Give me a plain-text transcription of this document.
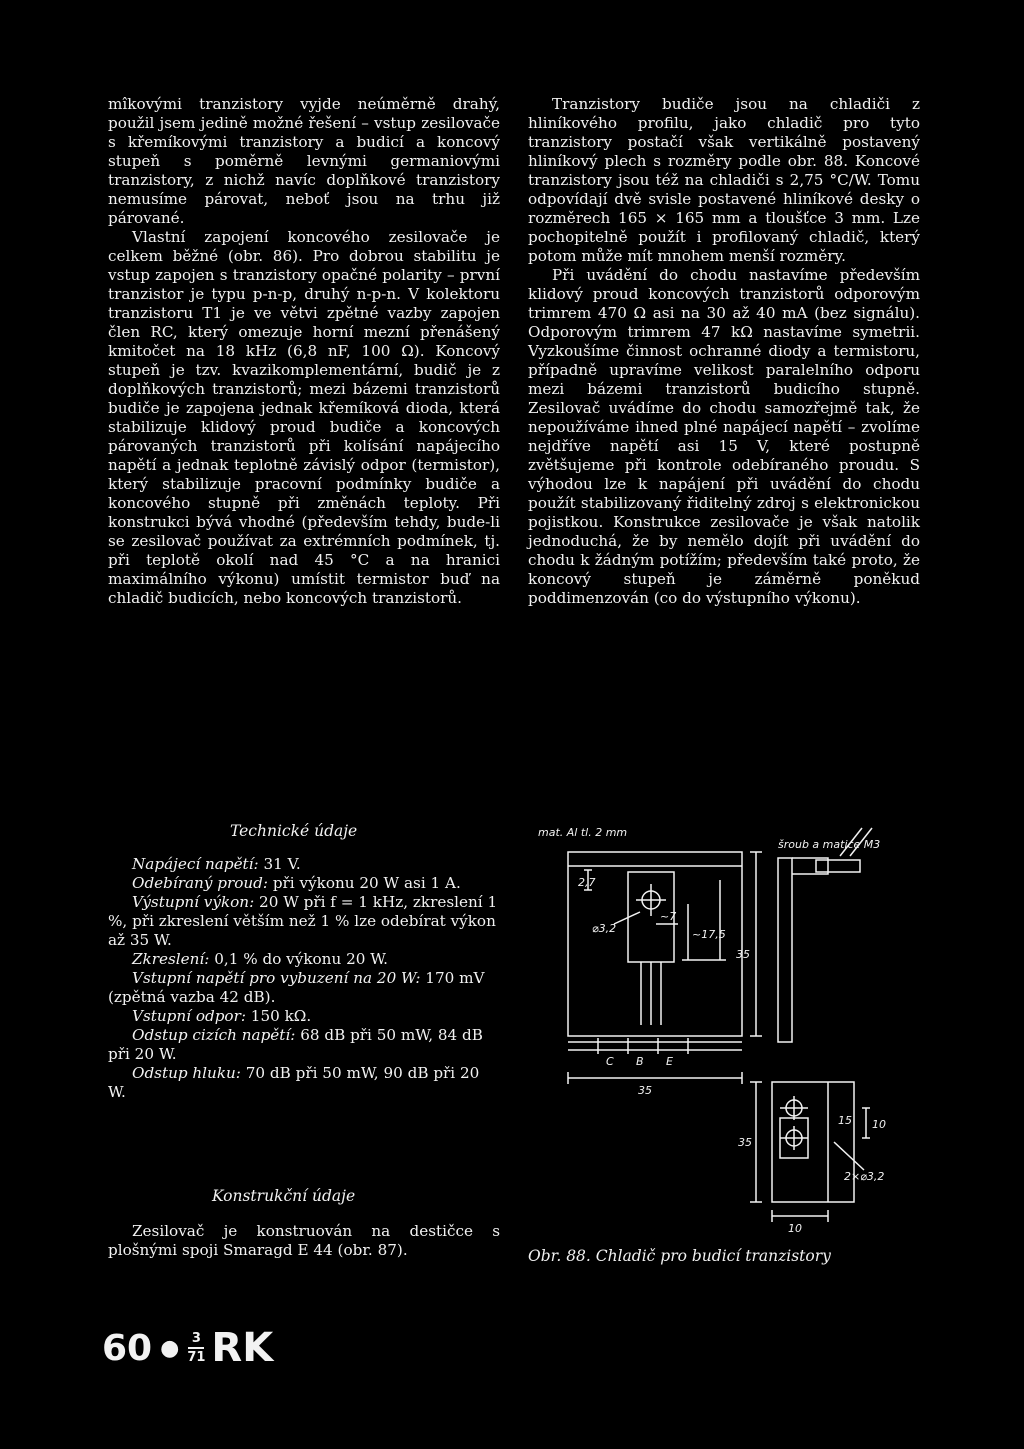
mîkovými tranzistory vyjde neúměrně drahý, použil jsem jedině možné řešení – vstup zesilovače s křemíkovými tranzistory a budicí a koncový stupeň s poměrně levnými germaniovými tranzistory, z nichž navíc doplňkové tranzistory nemusíme párovat, neboť jsou na trhu již párované.

Vlastní zapojení koncového zesilovače je celkem běžné (obr. 86). Pro dobrou stabilitu je vstup zapojen s tranzistory opačné polarity – první tranzistor je typu p-n-p, druhý n-p-n. V kolektoru tranzistoru T1 je ve větvi zpětné vazby zapojen člen RC, který omezuje horní mezní přenášený kmitočet na 18 kHz (6,8 nF, 100 Ω). Koncový stupeň je tzv. kvazikomplementární, budič je z doplňkových tranzistorů; mezi bázemi tranzistorů budiče je zapojena jednak křemíková dioda, která stabilizuje klidový proud budiče a koncových párovaných tranzistorů při kolísání napájecího napětí a jednak teplotně závislý odpor (termistor), který stabilizuje pracovní podmínky budiče a koncového stupně při změnách teploty. Při konstrukci bývá vhodné (především tehdy, bude-li se zesilovač používat za extrémních podmínek, tj. při teplotě okolí nad 45 °C a na hranici maximálního výkonu) umístit termistor buď na chladič budicích, nebo koncových tranzistorů.

Tranzistory budiče jsou na chladiči z hliníkového profilu, jako chladič pro tyto tranzistory postačí však vertikálně postavený hliníkový plech s rozměry podle obr. 88. Koncové tranzistory jsou též na chladiči s 2,75 °C/W. Tomu odpovídají dvě svisle postavené hliníkové desky o rozměrech 165 × 165 mm a tloušťce 3 mm. Lze pochopitelně použít i profilovaný chladič, který potom může mít mnohem menší rozměry.

Při uvádění do chodu nastavíme především klidový proud koncových tranzistorů odporovým trimrem 470 Ω asi na 30 až 40 mA (bez signálu). Odporovým trimrem 47 kΩ nastavíme symetrii. Vyzkoušíme činnost ochranné diody a termistoru, případně upravíme velikost paralelního odporu mezi bázemi tranzistorů budicího stupně. Zesilovač uvádíme do chodu samozřejmě tak, že nepoužíváme ihned plné napájecí napětí – zvolíme nejdříve napětí asi 15 V, které postupně zvětšujeme při kontrole odebíraného proudu. S výhodou lze k napájení při uvádění do chodu použít stabilizovaný řiditelný zdroj s elektronickou pojistkou. Konstrukce zesilovače je však natolik jednoduchá, že by nemělo dojít při uvádění do chodu k žádným potížím; především také proto, že koncový stupeň je záměrně poněkud poddimenzován (co do výstupního výkonu).

Technické údaje

Napájecí napětí: 31 V.

Odebíraný proud: při výkonu 20 W asi 1 A.

Výstupní výkon: 20 W při f = 1 kHz, zkreslení 1 %, při zkreslení větším než 1 % lze odebírat výkon až 35 W.

Zkreslení: 0,1 % do výkonu 20 W.

Vstupní napětí pro vybuzení na 20 W: 170 mV (zpětná vazba 42 dB).

Vstupní odpor: 150 kΩ.

Odstup cizích napětí: 68 dB při 50 mW, 84 dB při 20 W.

Odstup hluku: 70 dB při 50 mW, 90 dB při 20 W.

Konstrukční údaje

Zesilovač je konstruován na destičce s plošnými spoji Smaragd E 44 (obr. 87).

mat. Al tl. 2 mm
šroub a matice M3
2,7
⌀3,2
~7
~17,5
35
C B E
35
35
15 10
2×⌀3,2
10
Obr. 88. Chladič pro budicí tranzistory
60 ● 3
71 RK
